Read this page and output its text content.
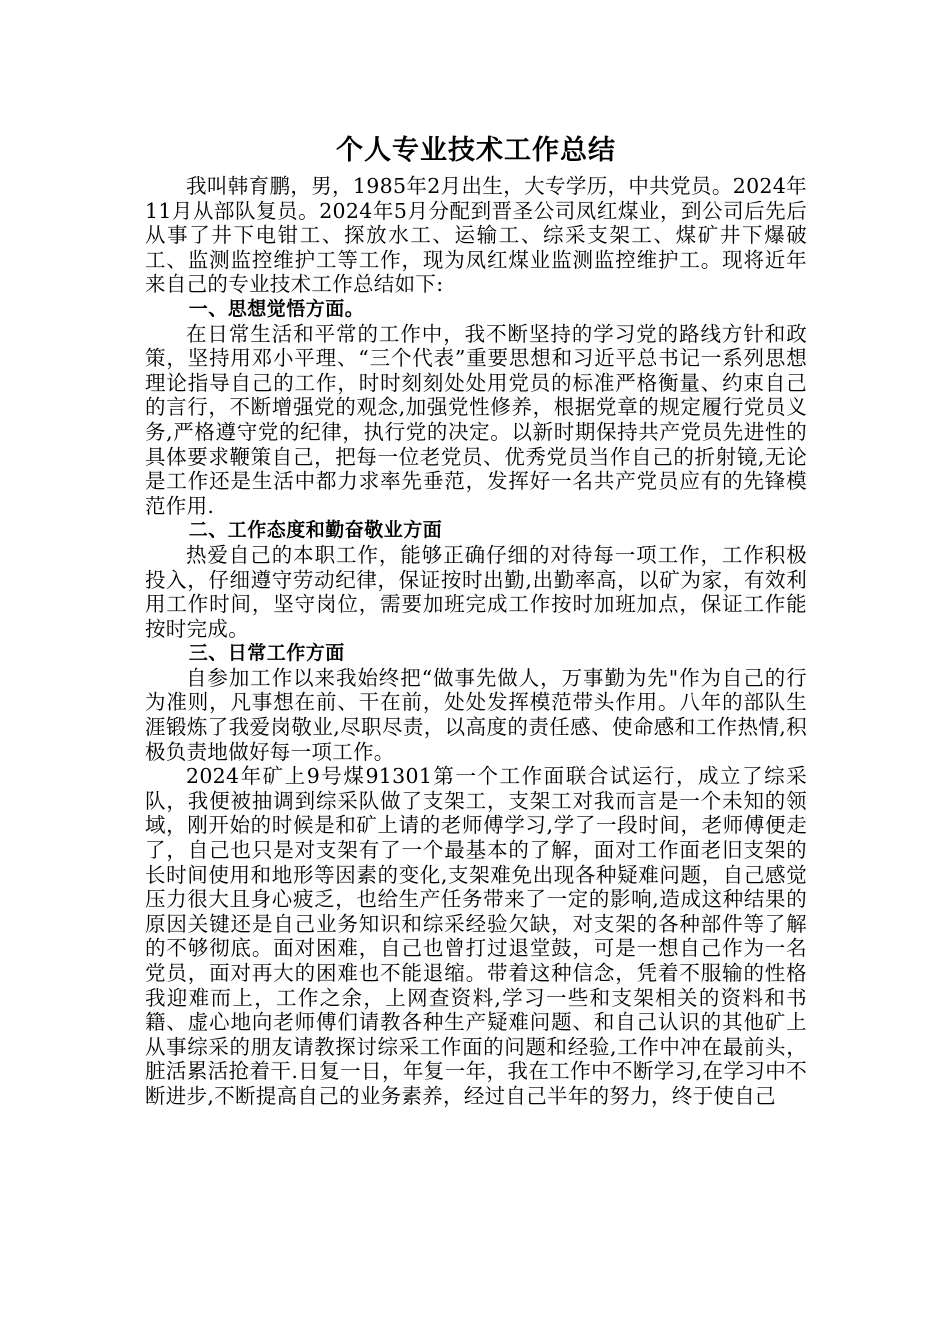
个人专业技术工作总结

我叫韩育鹏，男，1985年2月出生，大专学历，中共党员。2024年11月从部队复员。2024年5月分配到晋圣公司凤红煤业，到公司后先后从事了井下电钳工、探放水工、运输工、综采支架工、煤矿井下爆破工、监测监控维护工等工作，现为凤红煤业监测监控维护工。现将近年来自己的专业技术工作总结如下:

一、思想觉悟方面。

在日常生活和平常的工作中，我不断坚持的学习党的路线方针和政策，坚持用邓小平理、“三个代表”重要思想和习近平总书记一系列思想理论指导自己的工作，时时刻刻处处用党员的标准严格衡量、约束自己的言行，不断增强党的观念,加强党性修养，根据党章的规定履行党员义务,严格遵守党的纪律，执行党的决定。以新时期保持共产党员先进性的具体要求鞭策自己，把每一位老党员、优秀党员当作自己的折射镜,无论是工作还是生活中都力求率先垂范，发挥好一名共产党员应有的先锋模范作用.

二、工作态度和勤奋敬业方面

热爱自己的本职工作，能够正确仔细的对待每一项工作，工作积极投入，仔细遵守劳动纪律，保证按时出勤,出勤率高，以矿为家，有效利用工作时间，坚守岗位，需要加班完成工作按时加班加点，保证工作能按时完成。

三、日常工作方面

自参加工作以来我始终把“做事先做人，万事勤为先"作为自己的行为准则，凡事想在前、干在前，处处发挥模范带头作用。八年的部队生涯锻炼了我爱岗敬业,尽职尽责，以高度的责任感、使命感和工作热情,积极负责地做好每一项工作。

2024年矿上9号煤91301第一个工作面联合试运行，成立了综采队，我便被抽调到综采队做了支架工，支架工对我而言是一个未知的领域，刚开始的时候是和矿上请的老师傅学习,学了一段时间，老师傅便走了，自己也只是对支架有了一个最基本的了解，面对工作面老旧支架的长时间使用和地形等因素的变化,支架难免出现各种疑难问题，自己感觉压力很大且身心疲乏，也给生产任务带来了一定的影响,造成这种结果的原因关键还是自己业务知识和综采经验欠缺，对支架的各种部件等了解的不够彻底。面对困难，自己也曾打过退堂鼓，可是一想自己作为一名党员，面对再大的困难也不能退缩。带着这种信念，凭着不服输的性格我迎难而上，工作之余，上网查资料,学习一些和支架相关的资料和书籍、虚心地向老师傅们请教各种生产疑难问题、和自己认识的其他矿上从事综采的朋友请教探讨综采工作面的问题和经验,工作中冲在最前头，脏活累活抢着干.日复一日，年复一年，我在工作中不断学习,在学习中不断进步,不断提高自己的业务素养，经过自己半年的努力，终于使自己
